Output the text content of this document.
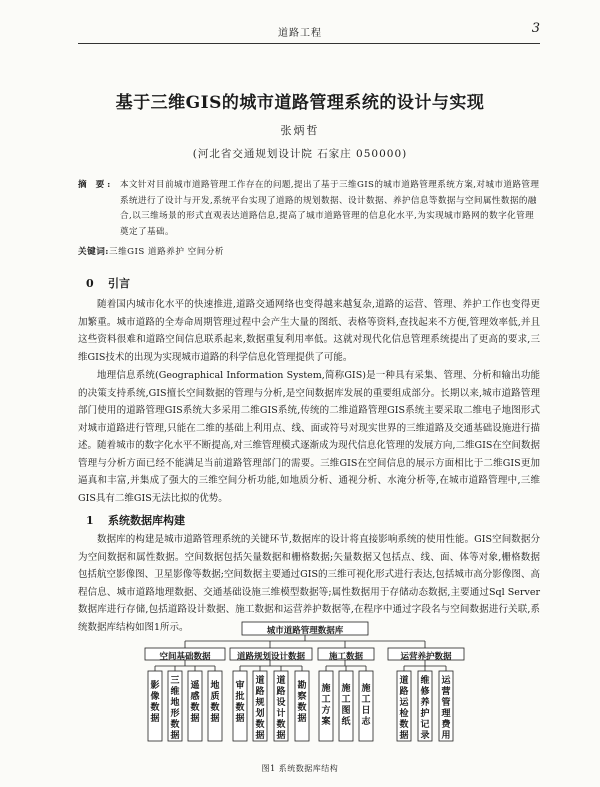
道路工程	3
基于三维GIS的城市道路管理系统的设计与实现
张炳哲
(河北省交通规划设计院 石家庄 050000)
摘 要: 本文针对目前城市道路管理工作存在的问题,提出了基于三维GIS的城市道路管理系统方案,对城市道路管理系统进行了设计与开发,系统平台实现了道路的规划数据、设计数据、养护信息等数据与空间属性数据的融合,以三维场景的形式直观表达道路信息,提高了城市道路管理的信息化水平,为实现城市路网的数字化管理奠定了基础。
关键词:三维GIS 道路养护 空间分析
0 引言
随着国内城市化水平的快速推进,道路交通网络也变得越来越复杂,道路的运营、管理、养护工作也变得更加繁重。城市道路的全寿命周期管理过程中会产生大量的图纸、表格等资料,查找起来不方便,管理效率低,并且这些资料很难和道路空间信息联系起来,数据重复利用率低。这就对现代化信息管理系统提出了更高的要求,三维GIS技术的出现为实现城市道路的科学信息化管理提供了可能。
地理信息系统(Geographical Information System,简称GIS)是一种具有采集、管理、分析和输出功能的决策支持系统,GIS擅长空间数据的管理与分析,是空间数据库发展的重要组成部分。长期以来,城市道路管理部门使用的道路管理GIS系统大多采用二维GIS系统,传统的二维道路管理GIS系统主要采取二维电子地图形式对城市道路进行管理,只能在二维的基础上利用点、线、面或符号对现实世界的三维道路及交通基础设施进行描述。随着城市的数字化水平不断提高,对三维管理模式逐渐成为现代信息化管理的发展方向,二维GIS在空间数据管理与分析方面已经不能满足当前道路管理部门的需要。三维GIS在空间信息的展示方面相比于二维GIS更加逼真和丰富,并集成了强大的三维空间分析功能,如地质分析、通视分析、水淹分析等,在城市道路管理中,三维GIS具有二维GIS无法比拟的优势。
1 系统数据库构建
数据库的构建是城市道路管理系统的关键环节,数据库的设计将直接影响系统的使用性能。GIS空间数据分为空间数据和属性数据。空间数据包括矢量数据和栅格数据;矢量数据又包括点、线、面、体等对象,栅格数据包括航空影像图、卫星影像等数据;空间数据主要通过GIS的三维可视化形式进行表达,包括城市高分影像图、高程信息、城市道路地理数据、交通基础设施三维模型数据等;属性数据用于存储动态数据,主要通过Sql Server数据库进行存储,包括道路设计数据、施工数据和运营养护数据等,在程序中通过字段名与空间数据进行关联,系统数据库结构如图1所示。	城市道路管理数据库
空间基础数据	道路规划设计数据	施工数据	运营养护数据
影像数据
三维地形数据
遥感数据
地质数据
审批数据
道路规划数据
道路设计数据
勘察数据
施工方案
施工图纸
施工日志
道路运检数据
维修养护记录
运营管理费用
图1 系统数据库结构
